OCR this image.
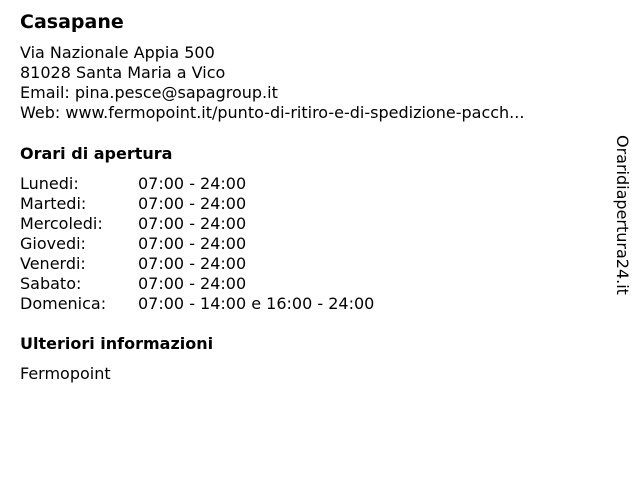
Casapane
Via Nazionale Appia 500
81028 Santa Maria a Vico
Email: pina.pesce@sapagroup.it
Web: www.fermopoint.it/punto-di-ritiro-e-di-spedizione-pacch...
Orari di apertura
Lunedi:	07:00 - 24:00
Martedi:	07:00 - 24:00
Mercoledi: 07:00 - 24:00
Giovedi:	07:00 - 24:00
Venerdi:	07:00 - 24:00
Sabato:	07:00 - 24:00
Domenica: 07:00 - 14:00 e 16:00 - 24:00
Ulteriori informazioni
Fermopoint
Oraridiapertura24.it
